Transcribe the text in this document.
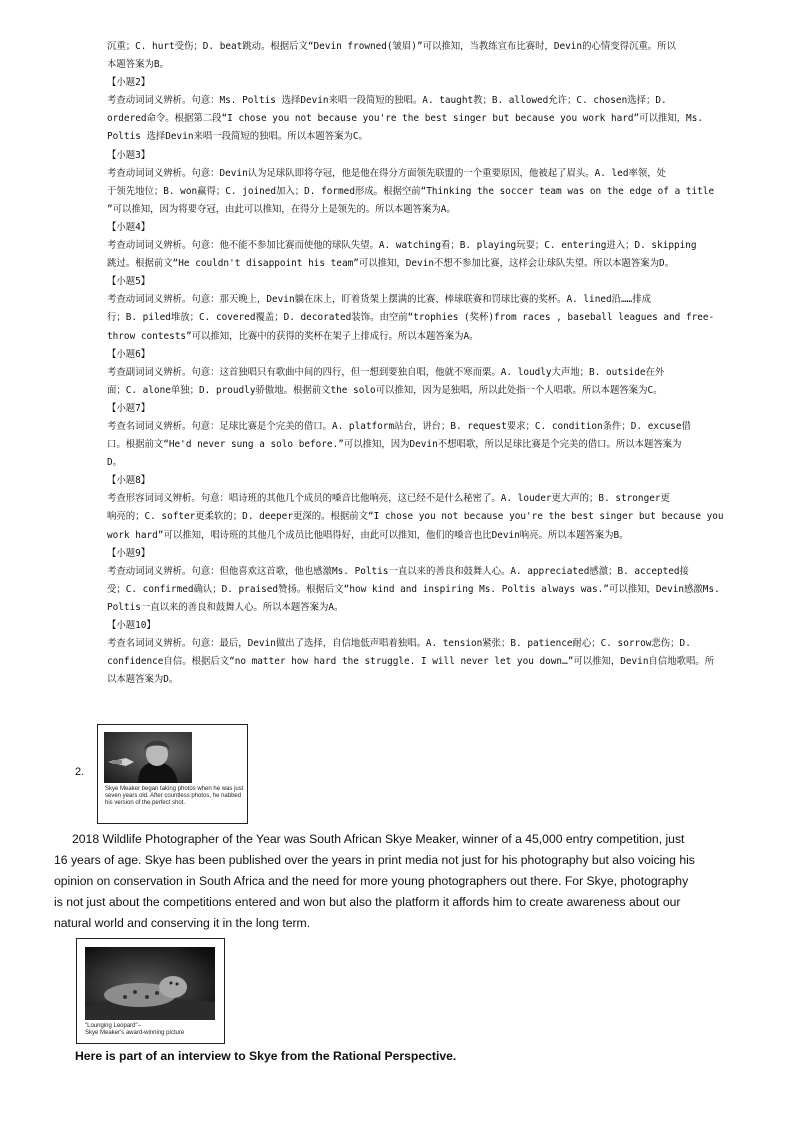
沉重；C. hurt受伤；D. beat跳动。根据后文“Devin frowned(皱眉)”可以推知，当教练宣布比赛时，Devin的心情变得沉重。所以
本题答案为B。
【小题2】
考查动词词义辨析。句意：Ms. Poltis 选择Devin来唱一段简短的独唱。A. taught教；B. allowed允许；C. chosen选择；D.
ordered命令。根据第二段“I chose you not because you're the best singer but because you work hard”可以推知，Ms.
Poltis 选择Devin来唱一段简短的独唱。所以本题答案为C。
【小题3】
考查动词词义辨析。句意：Devin认为足球队即将夺冠，他是他在得分方面领先联盟的一个重要原因，他被起了眉头。A. led率领，处
于领先地位；B. won赢得；C. joined加入；D. formed形成。根据空前“Thinking the soccer team was on the edge of a title
”可以推知，因为将要夺冠，由此可以推知，在得分上是领先的。所以本题答案为A。
【小题4】
考查动词词义辨析。句意：他不能不参加比赛而使他的球队失望。A. watching看；B. playing玩耍；C. entering进入；D. skipping
跳过。根据前文“He couldn't disappoint his team”可以推知，Devin不想不参加比赛，这样会让球队失望。所以本题答案为D。
【小题5】
考查动词词义辨析。句意：那天晚上，Devin躺在床上，盯着货架上摆满的比赛、棒球联赛和罚球比赛的奖杯。A. lined沿……排成
行；B. piled堆放；C. covered覆盖；D. decorated装饰。由空前“trophies (奖杯)from races , baseball leagues and free-
throw contests”可以推知，比赛中的获得的奖杯在架子上排成行。所以本题答案为A。
【小题6】
考查副词词义辨析。句意：这首独唱只有歌曲中间的四行，但一想到要独自唱，他就不寒而栗。A. loudly大声地；B. outside在外
面；C. alone单独；D. proudly骄傲地。根据前文the solo可以推知，因为是独唱，所以此处指一个人唱歌。所以本题答案为C。
【小题7】
考查名词词义辨析。句意：足球比赛是个完美的借口。A. platform站台，讲台；B. request要求；C. condition条件；D. excuse借
口。根据前文“He'd never sung a solo before.”可以推知，因为Devin不想唱歌，所以足球比赛是个完美的借口。所以本题答案为
D。
【小题8】
考查形容词词义辨析。句意：唱诗班的其他几个成员的嗓音比他响亮，这已经不是什么秘密了。A. louder更大声的；B. stronger更
响亮的；C. softer更柔软的；D. deeper更深的。根据前文“I chose you not because you're the best singer but because you
work hard”可以推知，唱诗班的其他几个成员比他唱得好，由此可以推知，他们的嗓音也比Devin响亮。所以本题答案为B。
【小题9】
考查动词词义辨析。句意：但他喜欢这首歌，他也感激Ms. Poltis一直以来的善良和鼓舞人心。A. appreciated感激；B. accepted接
受；C. confirmed确认；D. praised赞扬。根据后文“how kind and inspiring Ms. Poltis always was.”可以推知，Devin感激Ms.
Poltis一直以来的善良和鼓舞人心。所以本题答案为A。
【小题10】
考查名词词义辨析。句意：最后，Devin做出了选择，自信地低声唱着独唱。A. tension紧张；B. patience耐心；C. sorrow悲伤；D.
confidence自信。根据后文“no matter how hard the struggle. I will never let you down…”可以推知，Devin自信地歌唱。所
以本题答案为D。
2.
Skye Meaker began taking photos when he was just seven years old. After countless photos, he nabbed his version of the perfect shot.
2018 Wildlife Photographer of the Year was South African Skye Meaker, winner of a 45,000 entry competition, just
16 years of age. Skye has been published over the years in print media not just for his photography but also voicing his
opinion on conservation in South Africa and the need for more young photographers out there. For Skye, photography
is not just about the competitions entered and won but also the platform it affords him to create awareness about our
natural world and conserving it in the long term.
"Lounging Leopard"–
Skye Meaker's award-winning picture
Here is part of an interview to Skye from the Rational Perspective.
